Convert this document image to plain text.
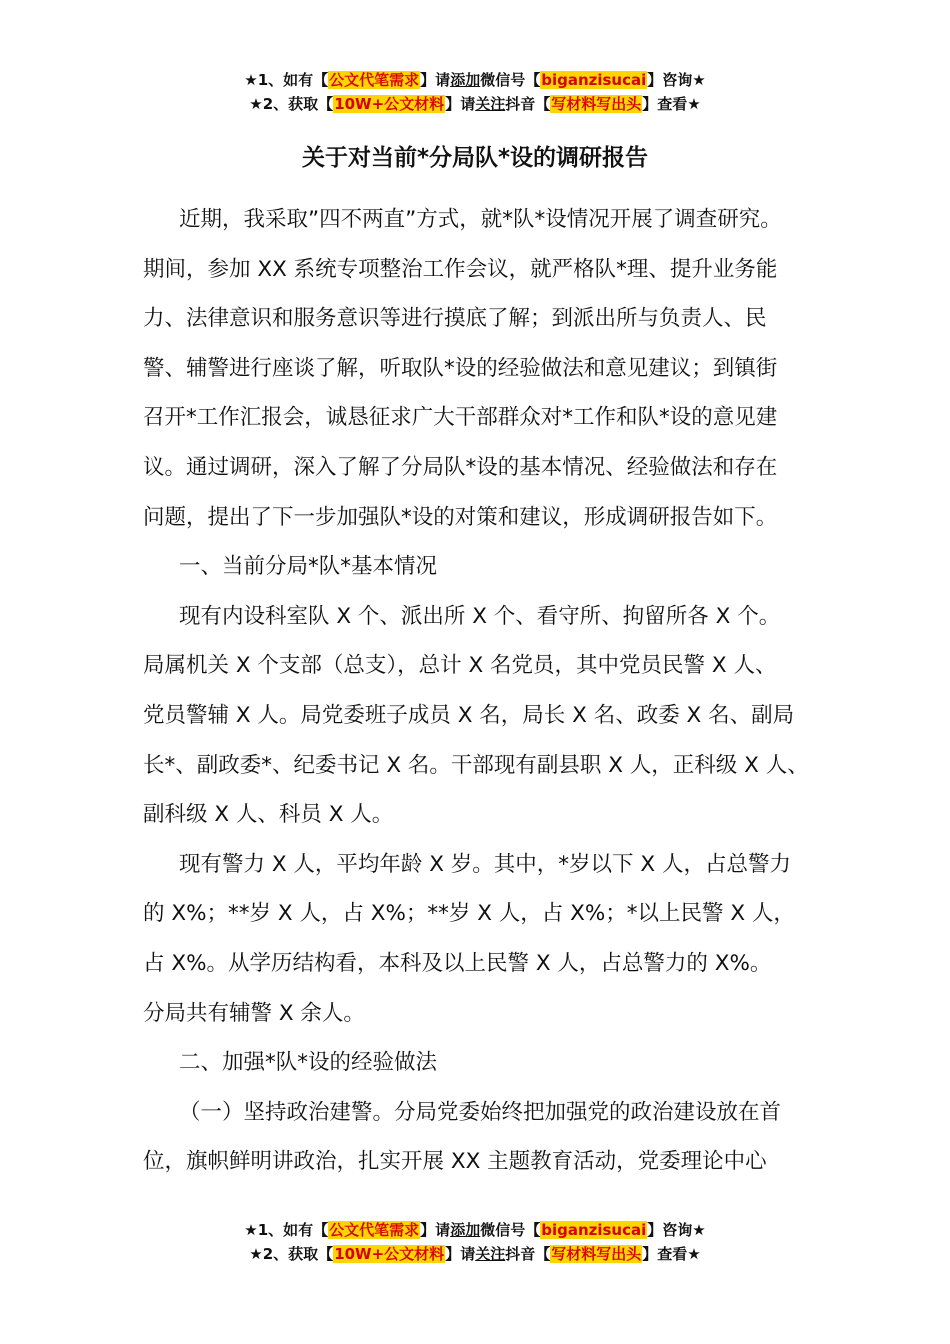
★1、如有【公文代笔需求】请添加微信号【biganzisucai】咨询★
★2、获取【10W+公文材料】请关注抖音【写材料写出头】查看★
关于对当前*分局队*设的调研报告
近期，我采取”四不两直”方式，就*队*设情况开展了调查研究。
期间，参加 XX 系统专项整治工作会议，就严格队*理、提升业务能
力、法律意识和服务意识等进行摸底了解；到派出所与负责人、民
警、辅警进行座谈了解，听取队*设的经验做法和意见建议；到镇街
召开*工作汇报会，诚恳征求广大干部群众对*工作和队*设的意见建
议。通过调研，深入了解了分局队*设的基本情况、经验做法和存在
问题，提出了下一步加强队*设的对策和建议，形成调研报告如下。
一、当前分局*队*基本情况
现有内设科室队 X 个、派出所 X 个、看守所、拘留所各 X 个。
局属机关 X 个支部（总支），总计 X 名党员，其中党员民警 X 人、
党员警辅 X 人。局党委班子成员 X 名，局长 X 名、政委 X 名、副局
长*、副政委*、纪委书记 X 名。干部现有副县职 X 人，正科级 X 人、
副科级 X 人、科员 X 人。
现有警力 X 人，平均年龄 X 岁。其中，*岁以下 X 人，占总警力
的 X%；**岁 X 人，占 X%；**岁 X 人，占 X%；*以上民警 X 人，
占 X%。从学历结构看，本科及以上民警 X 人，占总警力的 X%。
分局共有辅警 X 余人。
二、加强*队*设的经验做法
（一）坚持政治建警。分局党委始终把加强党的政治建设放在首
位，旗帜鲜明讲政治，扎实开展 XX 主题教育活动，党委理论中心
★1、如有【公文代笔需求】请添加微信号【biganzisucai】咨询★
★2、获取【10W+公文材料】请关注抖音【写材料写出头】查看★
